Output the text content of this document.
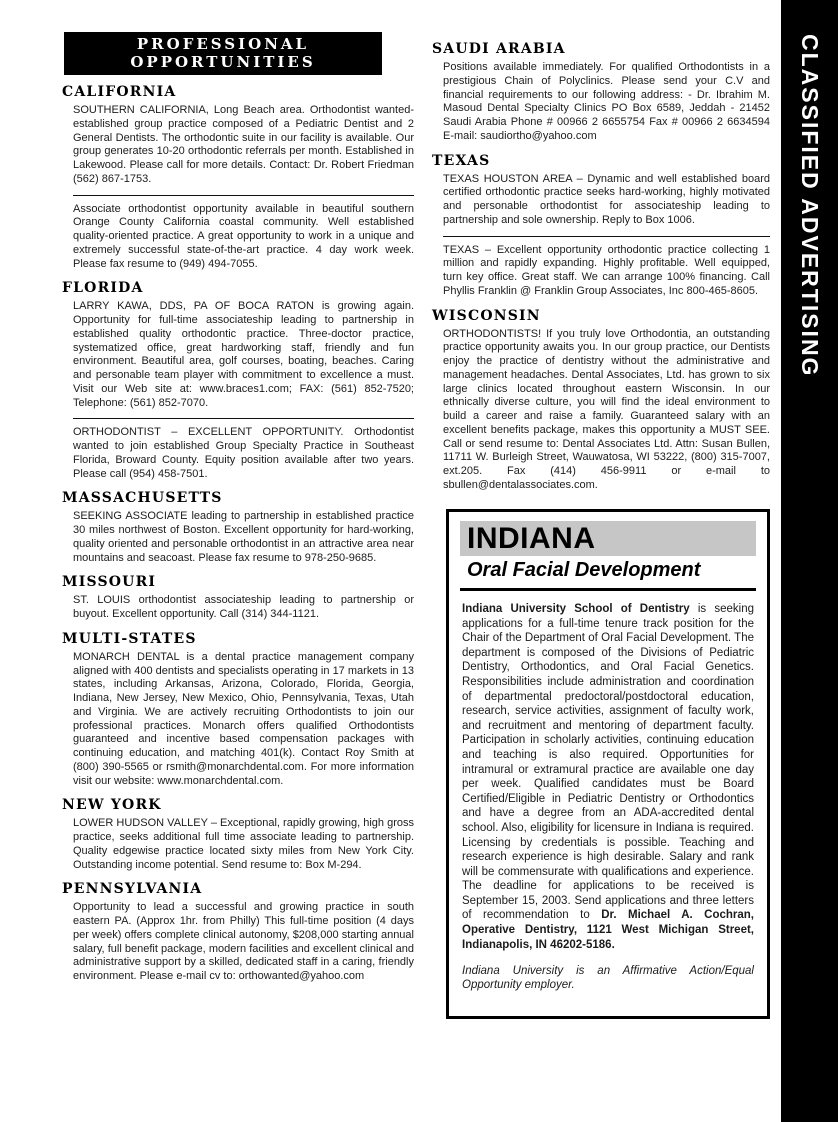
PROFESSIONAL OPPORTUNITIES
CALIFORNIA

SOUTHERN CALIFORNIA, Long Beach area. Orthodontist wanted-established group practice composed of a Pediatric Dentist and 2 General Dentists. The orthodontic suite in our facility is available. Our group generates 10-20 orthodontic referrals per month. Established in Lakewood. Please call for more details. Contact: Dr. Robert Friedman (562) 867-1753.

Associate orthodontist opportunity available in beautiful southern Orange County California coastal community. Well established quality-oriented practice. A great opportunity to work in a unique and extremely successful state-of-the-art practice. 4 day work week. Please fax resume to (949) 494-7055.

FLORIDA

LARRY KAWA, DDS, PA OF BOCA RATON is growing again. Opportunity for full-time associateship leading to partnership in established quality orthodontic practice. Three-doctor practice, systematized office, great hardworking staff, friendly and fun environment. Beautiful area, golf courses, boating, beaches. Caring and personable team player with commitment to excellence a must. Visit our Web site at: www.braces1.com; FAX: (561) 852-7520; Telephone: (561) 852-7070.

ORTHODONTIST – EXCELLENT OPPORTUNITY. Orthodontist wanted to join established Group Specialty Practice in Southeast Florida, Broward County. Equity position available after two years. Please call (954) 458-7501.

MASSACHUSETTS

SEEKING ASSOCIATE leading to partnership in established practice 30 miles northwest of Boston. Excellent opportunity for hard-working, quality oriented and personable orthodontist in an attractive area near mountains and seacoast. Please fax resume to 978-250-9685.

MISSOURI

ST. LOUIS orthodontist associateship leading to partnership or buyout. Excellent opportunity. Call (314) 344-1121.

MULTI-STATES

MONARCH DENTAL is a dental practice management company aligned with 400 dentists and specialists operating in 17 markets in 13 states, including Arkansas, Arizona, Colorado, Florida, Georgia, Indiana, New Jersey, New Mexico, Ohio, Pennsylvania, Texas, Utah and Virginia. We are actively recruiting Orthodontists to join our professional practices. Monarch offers qualified Orthodontists guaranteed and incentive based compensation packages with continuing education, and matching 401(k). Contact Roy Smith at (800) 390-5565 or rsmith@monarchdental.com. For more information visit our website: www.monarchdental.com.

NEW YORK

LOWER HUDSON VALLEY – Exceptional, rapidly growing, high gross practice, seeks additional full time associate leading to partnership. Quality edgewise practice located sixty miles from New York City. Outstanding income potential. Send resume to: Box M-294.

PENNSYLVANIA

Opportunity to lead a successful and growing practice in south eastern PA. (Approx 1hr. from Philly) This full-time position (4 days per week) offers complete clinical autonomy, $208,000 starting annual salary, full benefit package, modern facilities and excellent clinical and administrative support by a skilled, dedicated staff in a caring, friendly environment. Please e-mail cv to: orthowanted@yahoo.com

SAUDI ARABIA

Positions available immediately. For qualified Orthodontists in a prestigious Chain of Polyclinics. Please send your C.V and financial requirements to our following address: - Dr. Ibrahim M. Masoud Dental Specialty Clinics PO Box 6589, Jeddah - 21452 Saudi Arabia Phone # 00966 2 6655754 Fax # 00966 2 6634594 E-mail: saudiortho@yahoo.com

TEXAS

TEXAS HOUSTON AREA – Dynamic and well established board certified orthodontic practice seeks hard-working, highly motivated and personable orthodontist for associateship leading to partnership and sole ownership. Reply to Box 1006.

TEXAS – Excellent opportunity orthodontic practice collecting 1 million and rapidly expanding. Highly profitable. Well equipped, turn key office. Great staff. We can arrange 100% financing. Call Phyllis Franklin @ Franklin Group Associates, Inc 800-465-8605.

WISCONSIN

ORTHODONTISTS! If you truly love Orthodontia, an outstanding practice opportunity awaits you. In our group practice, our Dentists enjoy the practice of dentistry without the administrative and management headaches. Dental Associates, Ltd. has grown to six large clinics located throughout eastern Wisconsin. In our ethnically diverse culture, you will find the ideal environment to build a career and raise a family. Guaranteed salary with an excellent benefits package, makes this opportunity a MUST SEE. Call or send resume to: Dental Associates Ltd. Attn: Susan Bullen, 11711 W. Burleigh Street, Wauwatosa, WI 53222, (800) 315-7007, ext.205. Fax (414) 456-9911 or e-mail to sbullen@dentalassociates.com.

INDIANA
Oral Facial Development

Indiana University School of Dentistry is seeking applications for a full-time tenure track position for the Chair of the Department of Oral Facial Development. The department is composed of the Divisions of Pediatric Dentistry, Orthodontics, and Oral Facial Genetics. Responsibilities include administration and coordination of departmental predoctoral/postdoctoral education, research, service activities, assignment of faculty work, and recruitment and mentoring of department faculty. Participation in scholarly activities, continuing education and teaching is also required. Opportunities for intramural or extramural practice are available one day per week. Qualified candidates must be Board Certified/Eligible in Pediatric Dentistry or Orthodontics and have a degree from an ADA-accredited dental school. Also, eligibility for licensure in Indiana is required. Licensing by credentials is possible. Teaching and research experience is high desirable. Salary and rank will be commensurate with qualifications and experience. The deadline for applications to be received is September 15, 2003. Send applications and three letters of recommendation to Dr. Michael A. Cochran, Operative Dentistry, 1121 West Michigan Street, Indianapolis, IN 46202-5186.

Indiana University is an Affirmative Action/Equal Opportunity employer.

CLASSIFIED ADVERTISING
